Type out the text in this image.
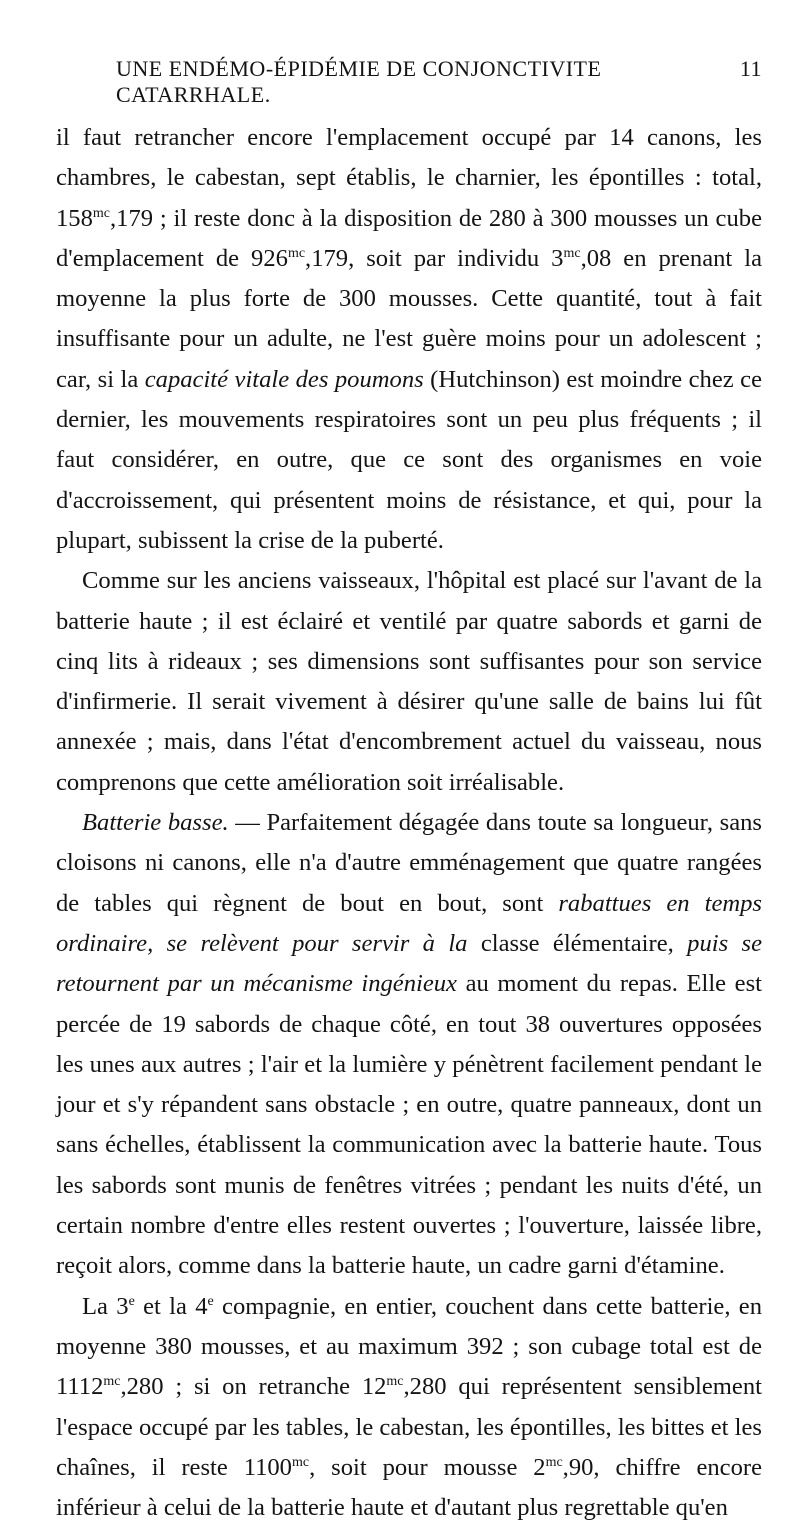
UNE ENDÉMO-ÉPIDÉMIE DE CONJONCTIVITE CATARRHALE.
11

il faut retrancher encore l'emplacement occupé par 14 canons, les chambres, le cabestan, sept établis, le charnier, les épontilles : total, $158^{mc},179$ ; il reste donc à la disposition de 280 à 300 mousses un cube d'emplacement de $926^{mc},179$, soit par individu $3^{mc},08$ en prenant la moyenne la plus forte de 300 mousses. Cette quantité, tout à fait insuffisante pour un adulte, ne l'est guère moins pour un adolescent ; car, si la capacité vitale des poumons (Hutchinson) est moindre chez ce dernier, les mouvements respiratoires sont un peu plus fréquents ; il faut considérer, en outre, que ce sont des organismes en voie d'accroissement, qui présentent moins de résistance, et qui, pour la plupart, subissent la crise de la puberté.

Comme sur les anciens vaisseaux, l'hôpital est placé sur l'avant de la batterie haute ; il est éclairé et ventilé par quatre sabords et garni de cinq lits à rideaux ; ses dimensions sont suffisantes pour son service d'infirmerie. Il serait vivement à désirer qu'une salle de bains lui fût annexée ; mais, dans l'état d'encombrement actuel du vaisseau, nous comprenons que cette amélioration soit irréalisable.

Batterie basse. — Parfaitement dégagée dans toute sa longueur, sans cloisons ni canons, elle n'a d'autre emménagement que quatre rangées de tables qui règnent de bout en bout, sont rabattues en temps ordinaire, se relèvent pour servir à la classe élémentaire, puis se retournent par un mécanisme ingénieux au moment du repas. Elle est percée de 19 sabords de chaque côté, en tout 38 ouvertures opposées les unes aux autres ; l'air et la lumière y pénètrent facilement pendant le jour et s'y répandent sans obstacle ; en outre, quatre panneaux, dont un sans échelles, établissent la communication avec la batterie haute. Tous les sabords sont munis de fenêtres vitrées ; pendant les nuits d'été, un certain nombre d'entre elles restent ouvertes ; l'ouverture, laissée libre, reçoit alors, comme dans la batterie haute, un cadre garni d'étamine.

La 3e et la 4e compagnie, en entier, couchent dans cette batterie, en moyenne 380 mousses, et au maximum 392 ; son cubage total est de $1112^{mc},280$ ; si on retranche $12^{mc},280$ qui représentent sensiblement l'espace occupé par les tables, le cabestan, les épontilles, les bittes et les chaînes, il reste $1100^{mc}$, soit pour mousse $2^{mc},90$, chiffre encore inférieur à celui de la batterie haute et d'autant plus regrettable qu'en
